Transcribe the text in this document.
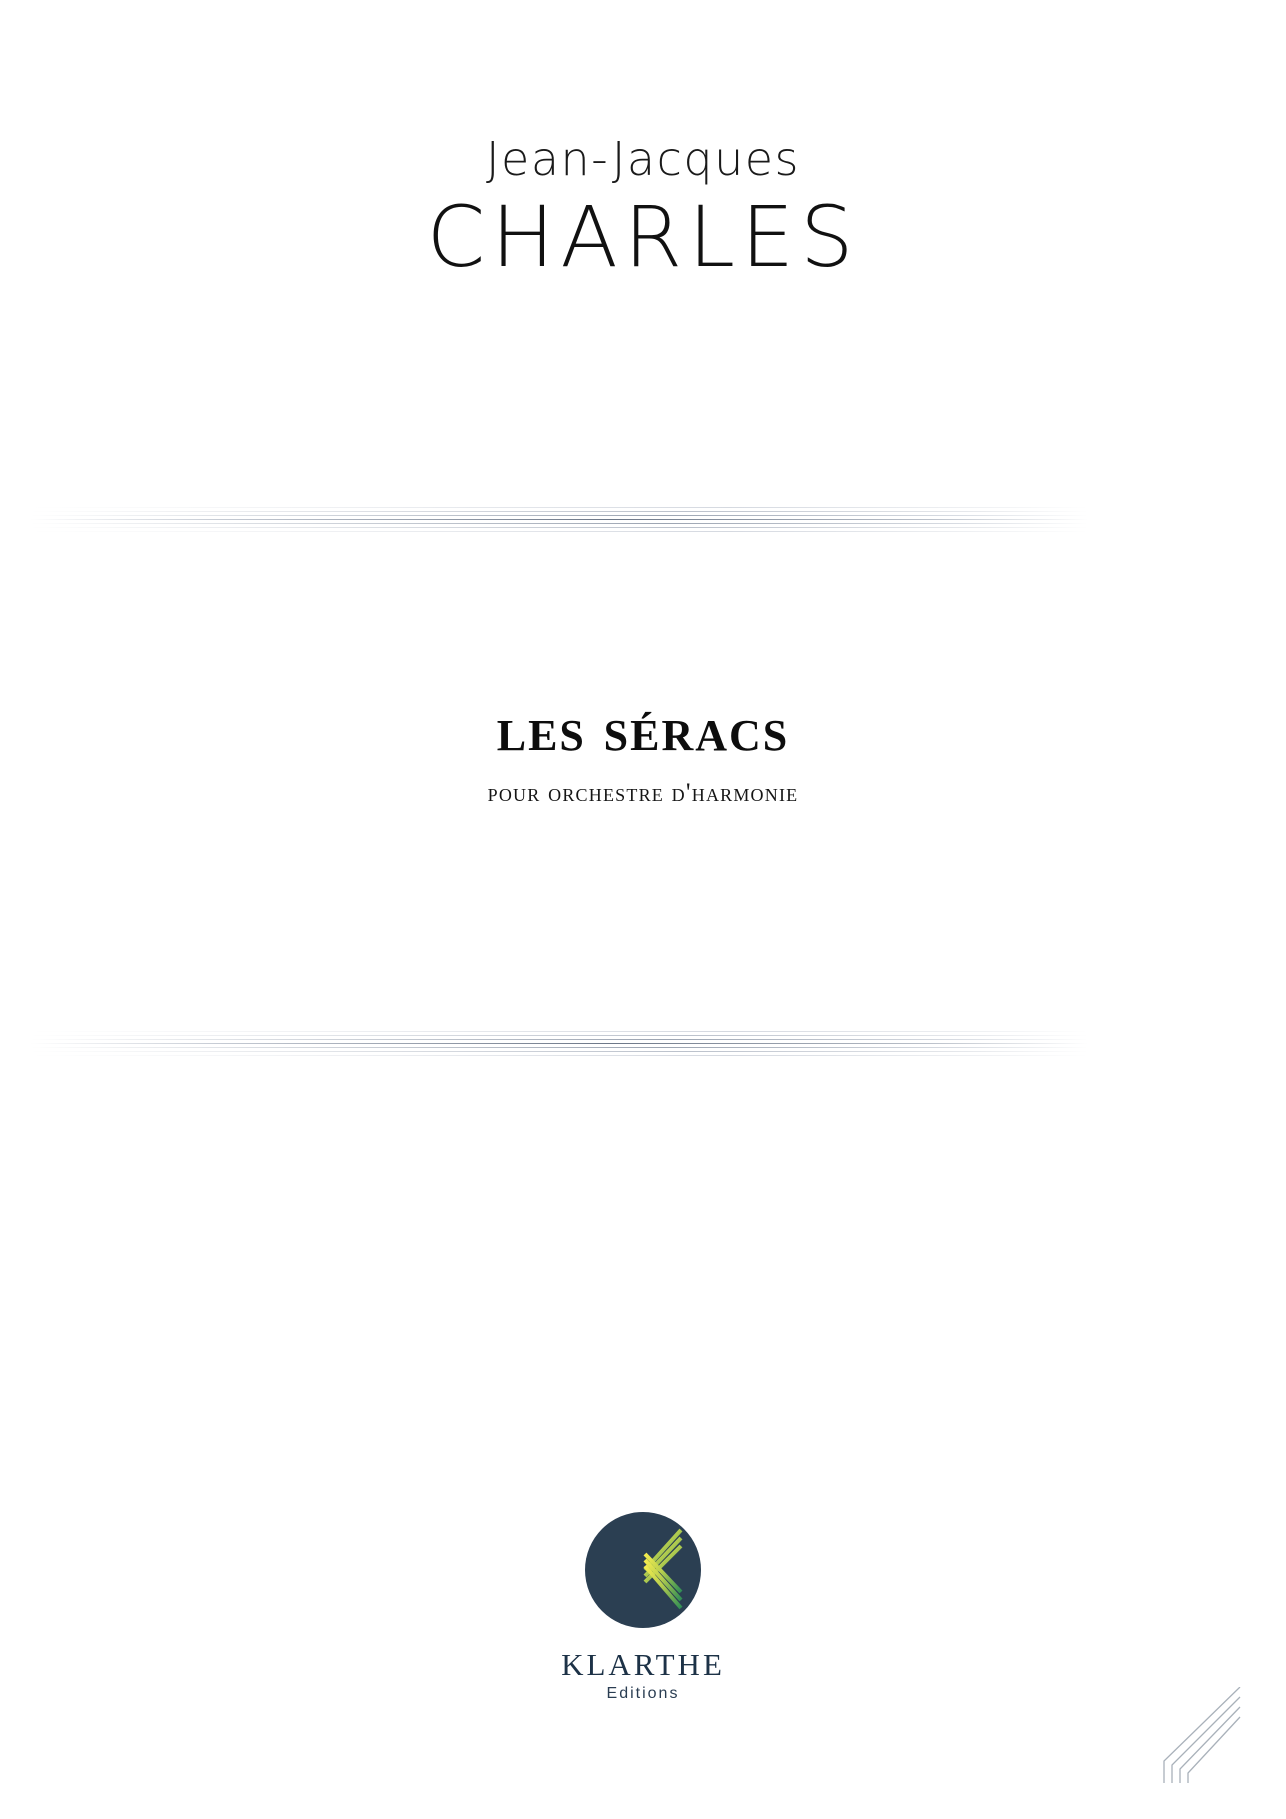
Jean-Jacques
CHARLES
les séracs
pour orchestre d'harmonie
KLARTHE
Editions
